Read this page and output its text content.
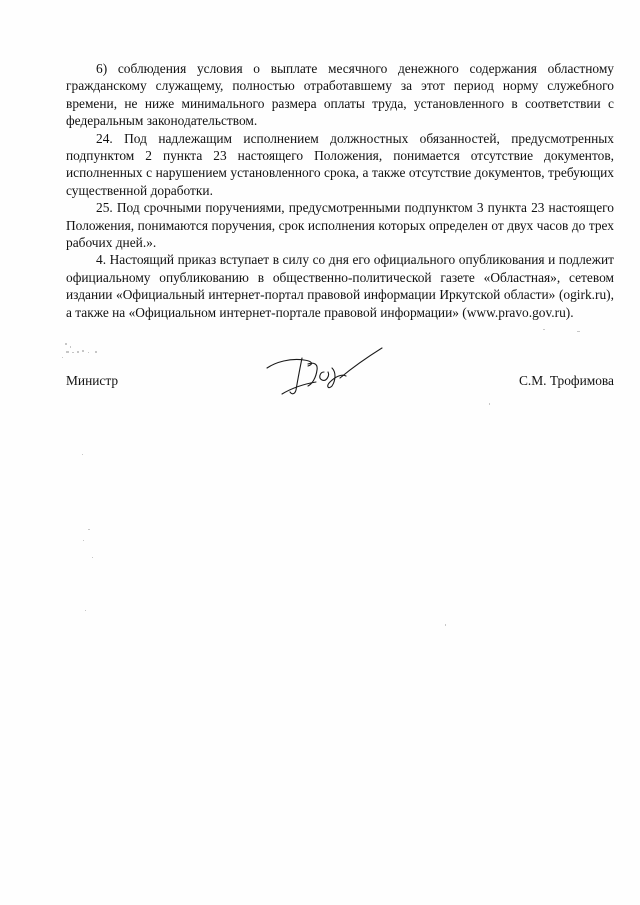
6) соблюдения условия о выплате месячного денежного содержания областному гражданскому служащему, полностью отработавшему за этот период норму служебного времени, не ниже минимального размера оплаты труда, установленного в соответствии с федеральным законодательством.

24. Под надлежащим исполнением должностных обязанностей, предусмотренных подпунктом 2 пункта 23 настоящего Положения, понимается отсутствие документов, исполненных с нарушением установленного срока, а также отсутствие документов, требующих существенной доработки.

25. Под срочными поручениями, предусмотренными подпунктом 3 пункта 23 настоящего Положения, понимаются поручения, срок исполнения которых определен от двух часов до трех рабочих дней.».

4. Настоящий приказ вступает в силу со дня его официального опубликования и подлежит официальному опубликованию в общественно-политической газете «Областная», сетевом издании «Официальный интернет-портал правовой информации Иркутской области» (ogirk.ru), а также на «Официальном интернет-портале правовой информации» (www.pravo.gov.ru).

Министр	С.М. Трофимова
